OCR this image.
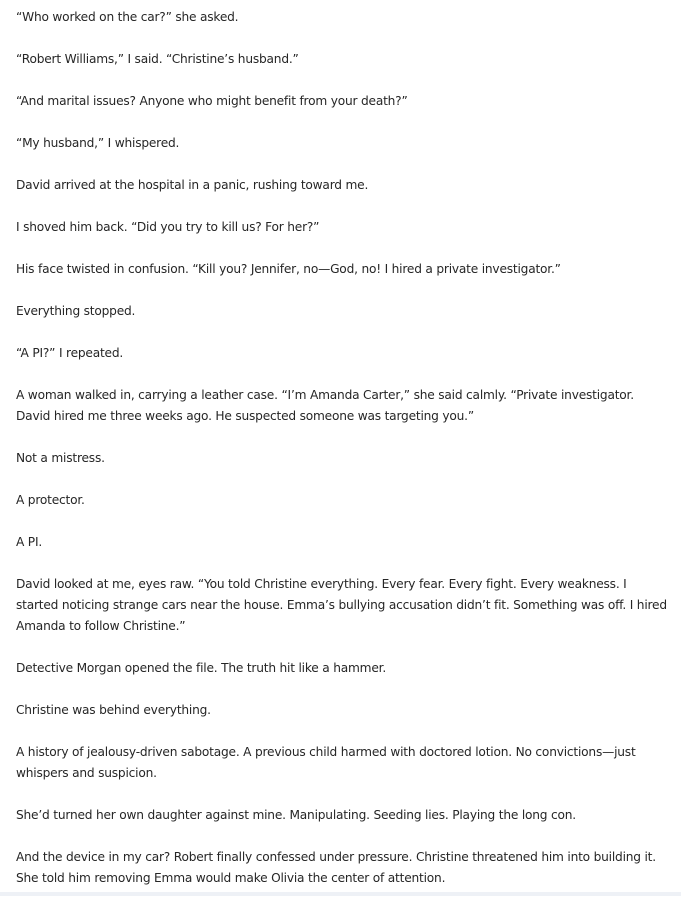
“Who worked on the car?” she asked.

“Robert Williams,” I said. “Christine’s husband.”

“And marital issues? Anyone who might benefit from your death?”

“My husband,” I whispered.

David arrived at the hospital in a panic, rushing toward me.

I shoved him back. “Did you try to kill us? For her?”

His face twisted in confusion. “Kill you? Jennifer, no—God, no! I hired a private investigator.”

Everything stopped.

“A PI?” I repeated.

A woman walked in, carrying a leather case. “I’m Amanda Carter,” she said calmly. “Private investigator. David hired me three weeks ago. He suspected someone was targeting you.”

Not a mistress.

A protector.

A PI.

David looked at me, eyes raw. “You told Christine everything. Every fear. Every fight. Every weakness. I started noticing strange cars near the house. Emma’s bullying accusation didn’t fit. Something was off. I hired Amanda to follow Christine.”

Detective Morgan opened the file. The truth hit like a hammer.

Christine was behind everything.

A history of jealousy-driven sabotage. A previous child harmed with doctored lotion. No convictions—just whispers and suspicion.

She’d turned her own daughter against mine. Manipulating. Seeding lies. Playing the long con.

And the device in my car? Robert finally confessed under pressure. Christine threatened him into building it. She told him removing Emma would make Olivia the center of attention.
